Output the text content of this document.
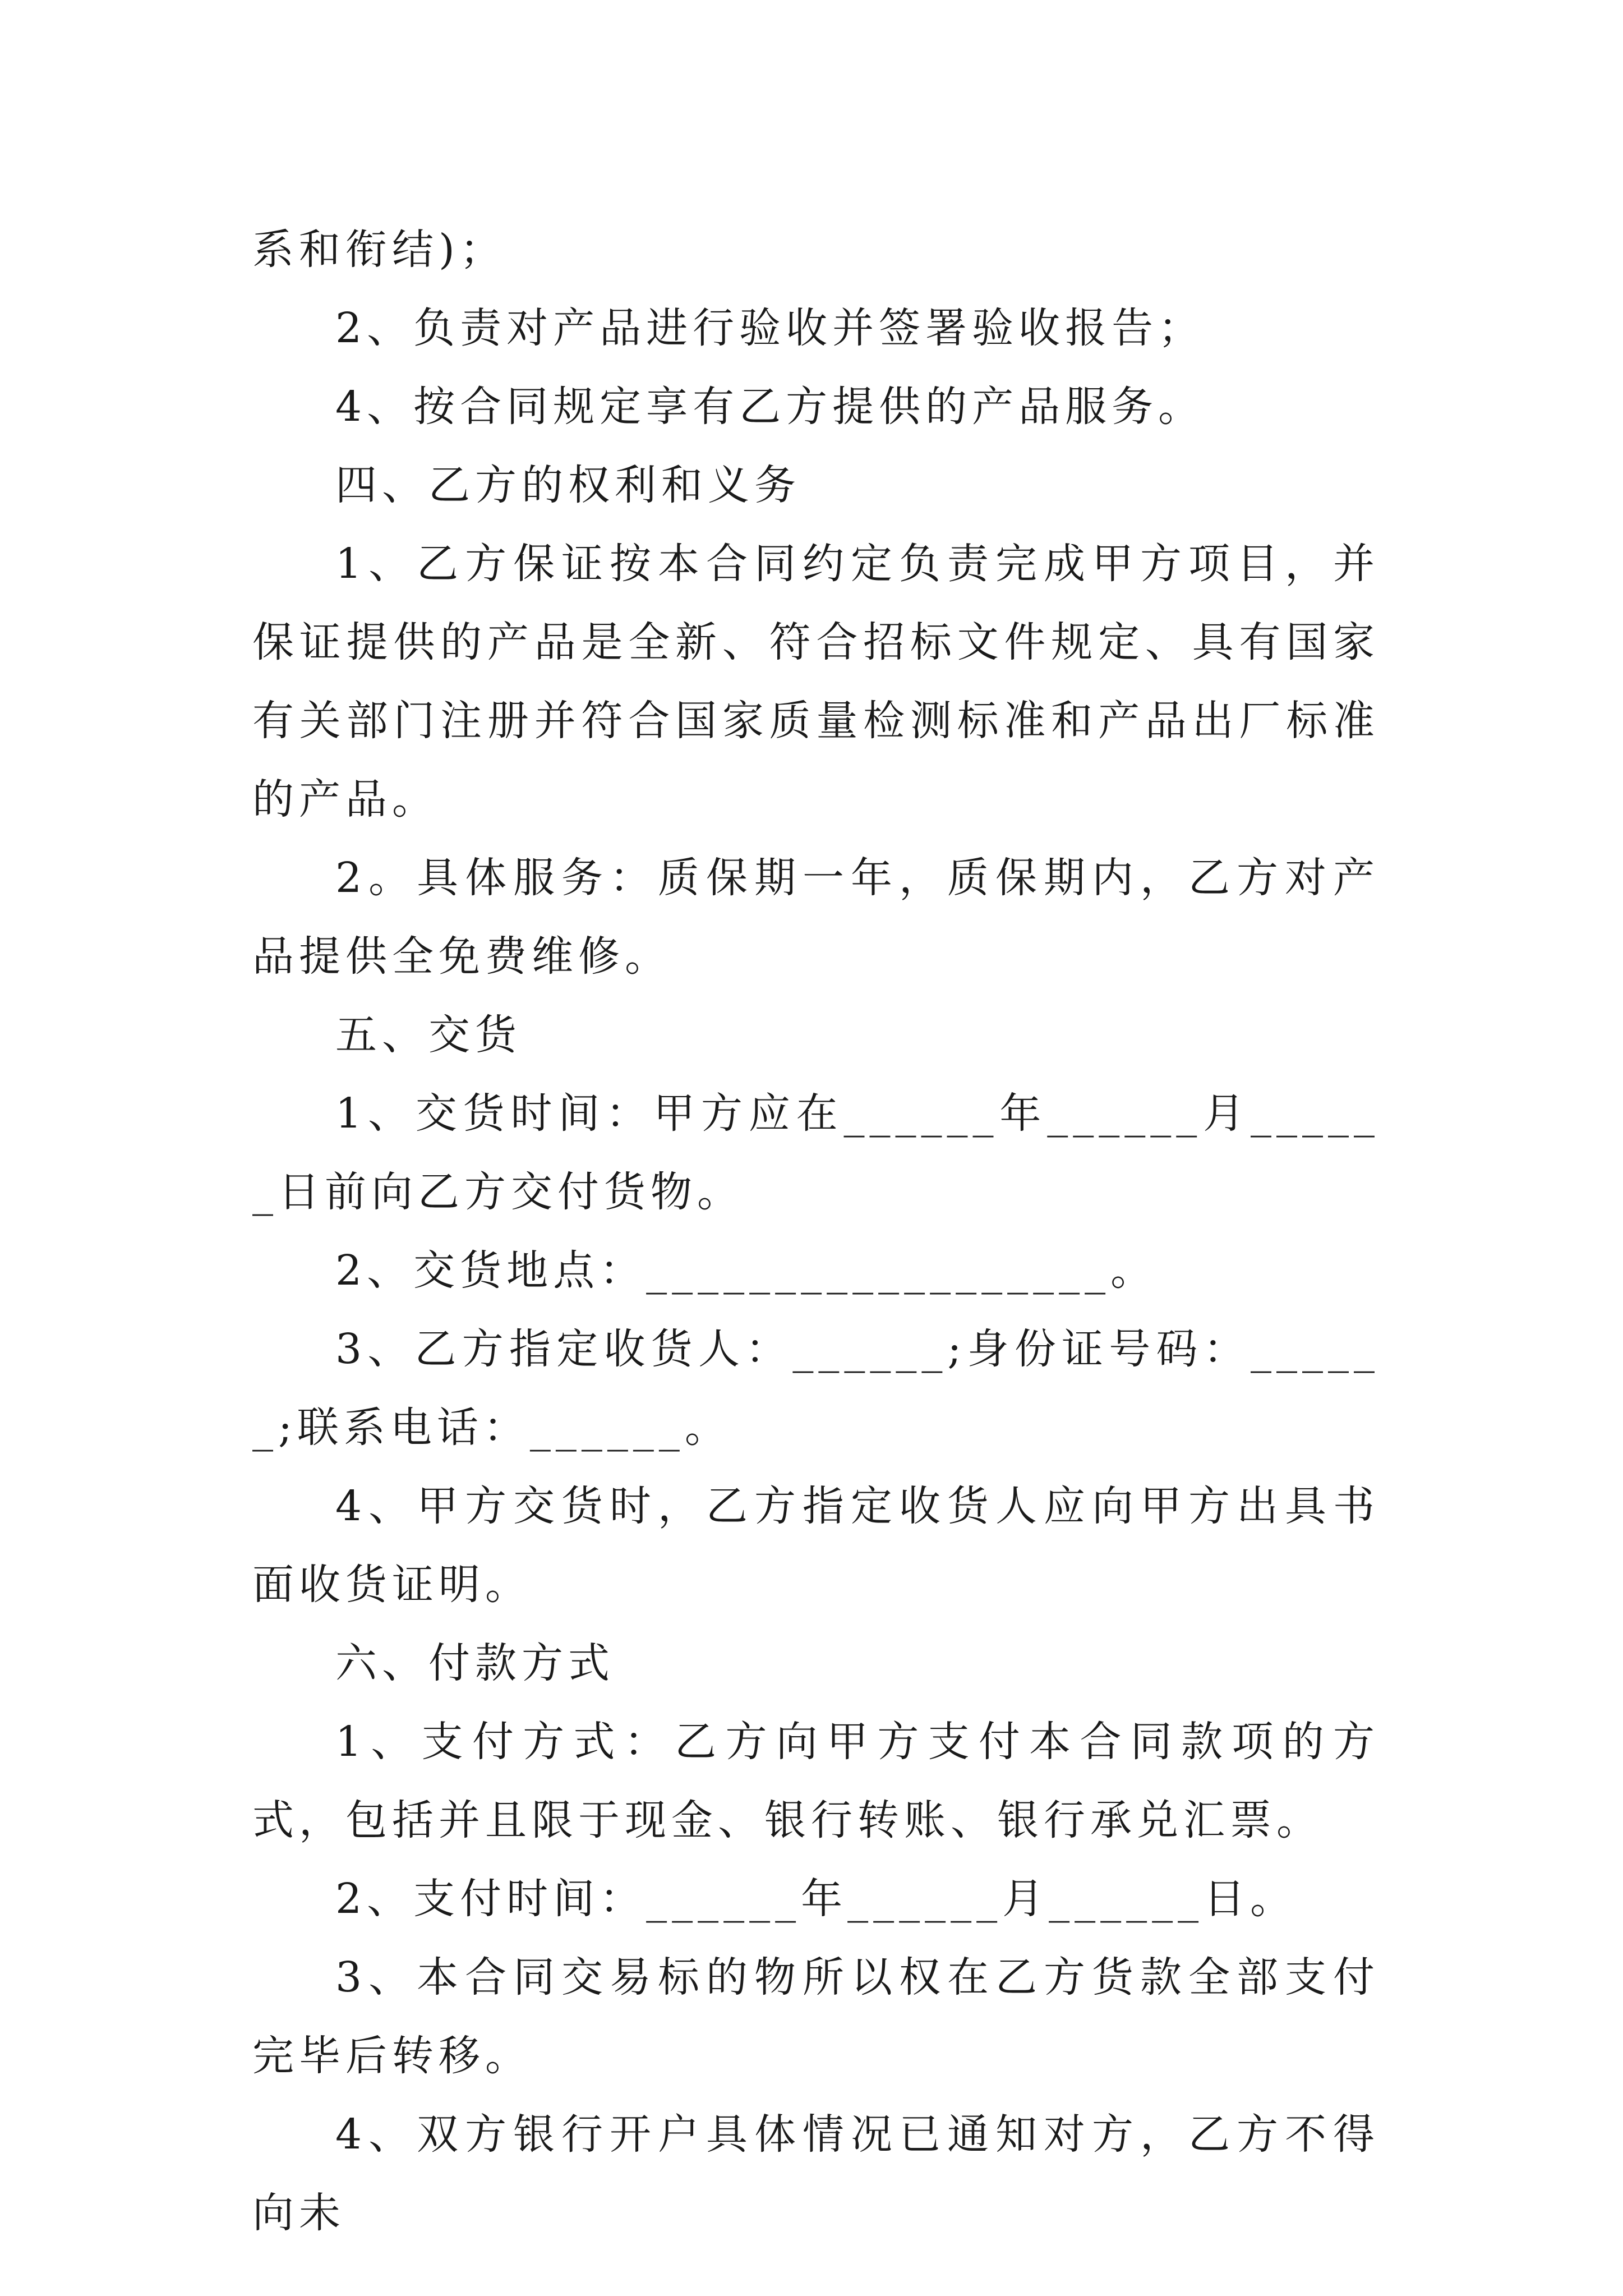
系和衔结)；

2、负责对产品进行验收并签署验收报告；

4、按合同规定享有乙方提供的产品服务。

四、乙方的权利和义务

1、乙方保证按本合同约定负责完成甲方项目，并保证提供的产品是全新、符合招标文件规定、具有国家有关部门注册并符合国家质量检测标准和产品出厂标准的产品。

2。具体服务：质保期一年，质保期内，乙方对产品提供全免费维修。

五、交货

1、交货时间：甲方应在______年______月______日前向乙方交付货物。

2、交货地点：__________________。

3、乙方指定收货人：______;身份证号码：______;联系电话：______。

4、甲方交货时，乙方指定收货人应向甲方出具书面收货证明。

六、付款方式

1、支付方式：乙方向甲方支付本合同款项的方式，包括并且限于现金、银行转账、银行承兑汇票。

2、支付时间：______年______月______日。

3、本合同交易标的物所以权在乙方货款全部支付完毕后转移。

4、双方银行开户具体情况已通知对方，乙方不得向未
